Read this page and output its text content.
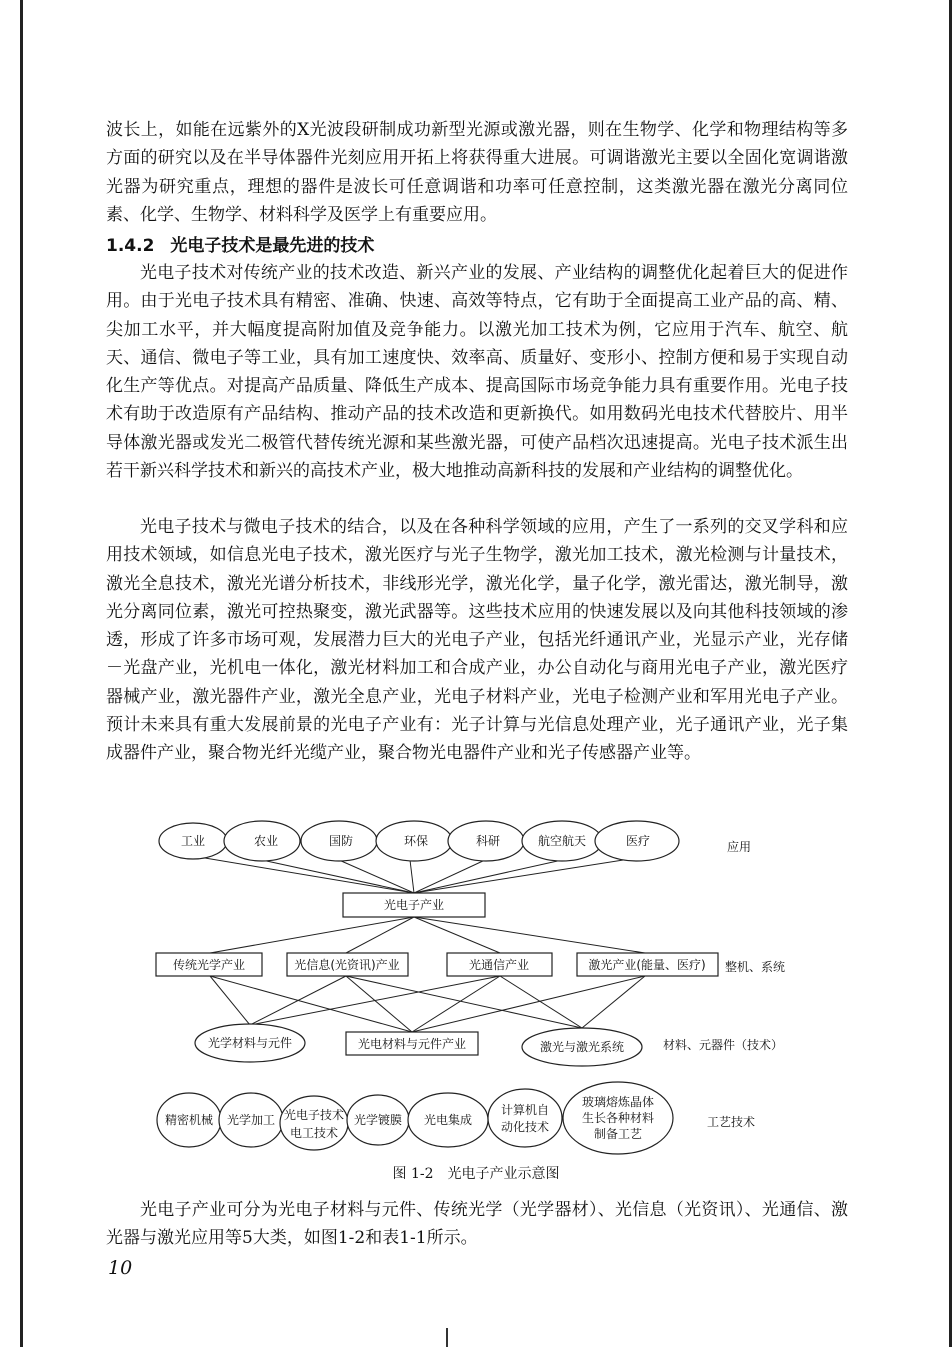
波长上，如能在远紫外的X光波段研制成功新型光源或激光器，则在生物学、化学和物理结构等多方面的研究以及在半导体器件光刻应用开拓上将获得重大进展。可调谐激光主要以全固化宽调谐激光器为研究重点，理想的器件是波长可任意调谐和功率可任意控制，这类激光器在激光分离同位素、化学、生物学、材料科学及医学上有重要应用。

1.4.2 光电子技术是最先进的技术

光电子技术对传统产业的技术改造、新兴产业的发展、产业结构的调整优化起着巨大的促进作用。由于光电子技术具有精密、准确、快速、高效等特点，它有助于全面提高工业产品的高、精、尖加工水平，并大幅度提高附加值及竞争能力。以激光加工技术为例，它应用于汽车、航空、航天、通信、微电子等工业，具有加工速度快、效率高、质量好、变形小、控制方便和易于实现自动化生产等优点。对提高产品质量、降低生产成本、提高国际市场竞争能力具有重要作用。光电子技术有助于改造原有产品结构、推动产品的技术改造和更新换代。如用数码光电技术代替胶片、用半导体激光器或发光二极管代替传统光源和某些激光器，可使产品档次迅速提高。光电子技术派生出若干新兴科学技术和新兴的高技术产业，极大地推动高新科技的发展和产业结构的调整优化。

光电子技术与微电子技术的结合，以及在各种科学领域的应用，产生了一系列的交叉学科和应用技术领域，如信息光电子技术，激光医疗与光子生物学，激光加工技术，激光检测与计量技术，激光全息技术，激光光谱分析技术，非线形光学，激光化学，量子化学，激光雷达，激光制导，激光分离同位素，激光可控热聚变，激光武器等。这些技术应用的快速发展以及向其他科技领域的渗透，形成了许多市场可观，发展潜力巨大的光电子产业，包括光纤通讯产业，光显示产业，光存储－光盘产业，光机电一体化，激光材料加工和合成产业，办公自动化与商用光电子产业，激光医疗器械产业，激光器件产业，激光全息产业，光电子材料产业，光电子检测产业和军用光电子产业。预计未来具有重大发展前景的光电子产业有：光子计算与光信息处理产业，光子通讯产业，光子集成器件产业，聚合物光纤光缆产业，聚合物光电器件产业和光子传感器产业等。

工业	农业	国防	环保	科研	航空航天	医疗	应用
光电子产业
传统光学产业	光信息(光资讯)产业	光通信产业	激光产业(能量、医疗) 整机、系统
光学材料与元件	光电材料与元件产业	激光与激光系统	材料、元器件（技术）
精密机械 光学加工 光电子技术
电工技术
光学镀膜 光电集成
计算机自
动化技术
玻璃熔炼晶体
生长各种材料
制备工艺
工艺技术
图 1-2　光电子产业示意图

光电子产业可分为光电子材料与元件、传统光学（光学器材）、光信息（光资讯）、光通信、激光器与激光应用等5大类，如图1-2和表1-1所示。

10
